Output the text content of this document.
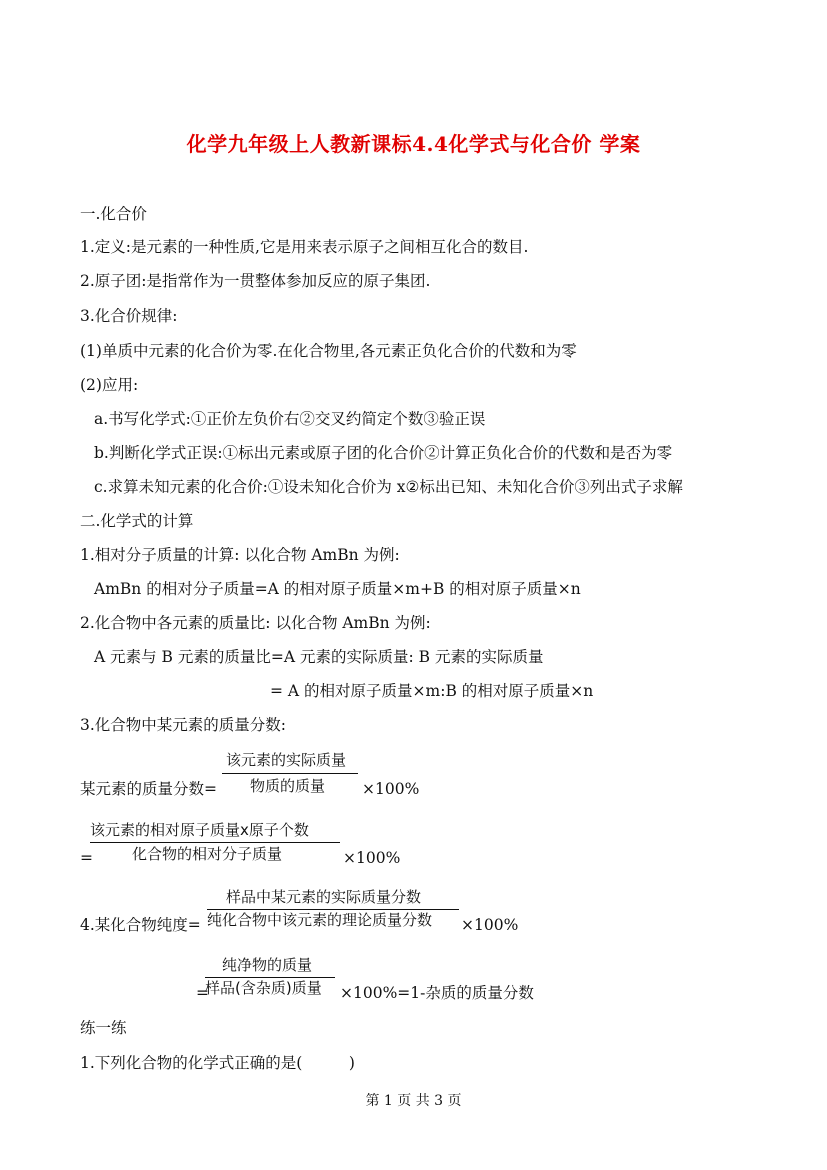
化学九年级上人教新课标4.4化学式与化合价 学案
一.化合价
1.定义:是元素的一种性质,它是用来表示原子之间相互化合的数目.
2.原子团:是指常作为一贯整体参加反应的原子集团.
3.化合价规律:
(1)单质中元素的化合价为零.在化合物里,各元素正负化合价的代数和为零
(2)应用:
a.书写化学式:①正价左负价右②交叉约简定个数③验正误
b.判断化学式正误:①标出元素或原子团的化合价②计算正负化合价的代数和是否为零
c.求算未知元素的化合价:①设未知化合价为 x②标出已知、未知化合价③列出式子求解
二.化学式的计算
1.相对分子质量的计算: 以化合物 AmBn 为例:
AmBn 的相对分子质量=A 的相对原子质量×m+B 的相对原子质量×n
2.化合物中各元素的质量比: 以化合物 AmBn 为例:
A 元素与 B 元素的质量比=A 元素的实际质量: B 元素的实际质量
= A 的相对原子质量×m:B 的相对原子质量×n
3.化合物中某元素的质量分数:
该元素的实际质量
某元素的质量分数= 物质的质量 ×100%
该元素的相对原子质量x原子个数
=	化合物的相对分子质量	×100%
样品中某元素的实际质量分数
4.某化合物纯度= 纯化合物中该元素的理论质量分数 ×100%
纯净物的质量
=
样品(含杂质)质量 ×100%=1-杂质的质量分数
练一练
1.下列化合物的化学式正确的是(　　　)
第 1 页 共 3 页
